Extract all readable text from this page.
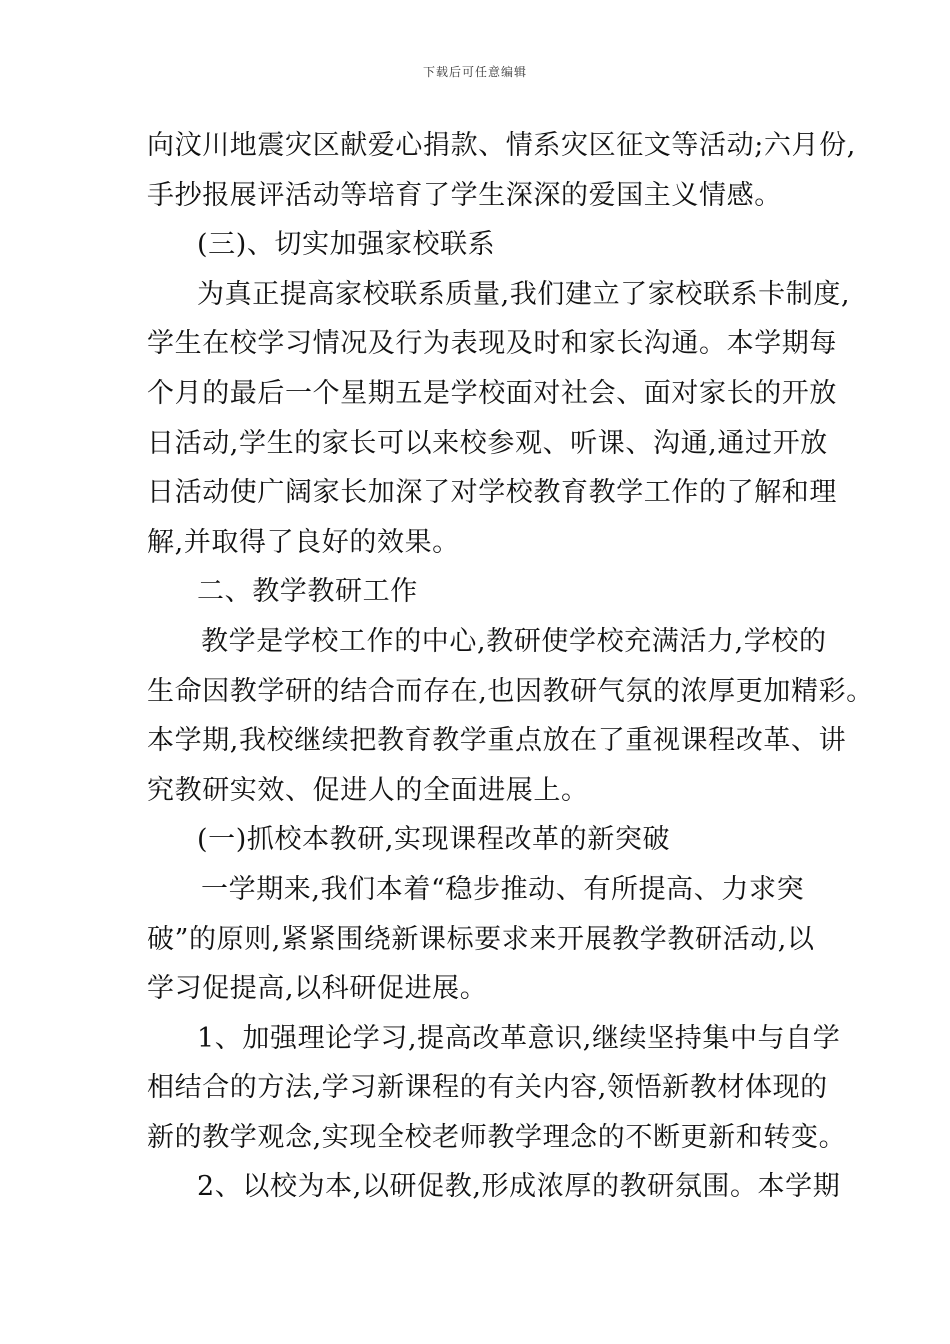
下载后可任意编辑
向汶川地震灾区献爱心捐款、情系灾区征文等活动;六月份,
手抄报展评活动等培育了学生深深的爱国主义情感。
(三)、切实加强家校联系
为真正提高家校联系质量,我们建立了家校联系卡制度,
学生在校学习情况及行为表现及时和家长沟通。本学期每
个月的最后一个星期五是学校面对社会、面对家长的开放
日活动,学生的家长可以来校参观、听课、沟通,通过开放
日活动使广阔家长加深了对学校教育教学工作的了解和理
解,并取得了良好的效果。
二、教学教研工作
教学是学校工作的中心,教研使学校充满活力,学校的
生命因教学研的结合而存在,也因教研气氛的浓厚更加精彩。
本学期,我校继续把教育教学重点放在了重视课程改革、讲
究教研实效、促进人的全面进展上。
(一)抓校本教研,实现课程改革的新突破
一学期来,我们本着“稳步推动、有所提高、力求突
破”的原则,紧紧围绕新课标要求来开展教学教研活动,以
学习促提高,以科研促进展。
1、加强理论学习,提高改革意识,继续坚持集中与自学
相结合的方法,学习新课程的有关内容,领悟新教材体现的
新的教学观念,实现全校老师教学理念的不断更新和转变。
2、以校为本,以研促教,形成浓厚的教研氛围。本学期
